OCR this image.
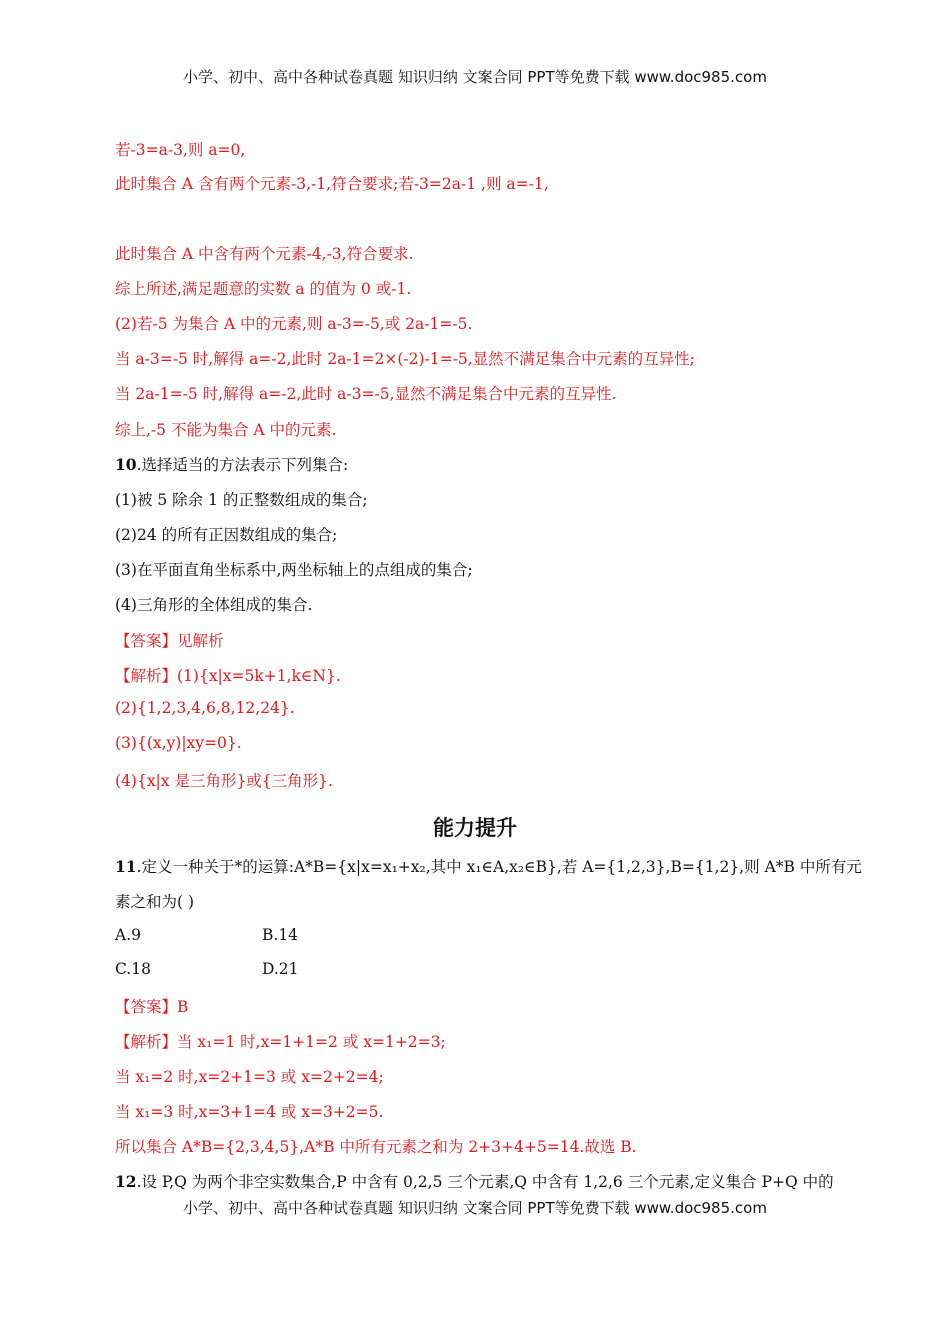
小学、初中、高中各种试卷真题 知识归纳 文案合同 PPT等免费下载 www.doc985.com
若-3=a-3,则 a=0,
此时集合 A 含有两个元素-3,-1,符合要求;若-3=2a-1 ,则 a=-1,
此时集合 A 中含有两个元素-4,-3,符合要求.
综上所述,满足题意的实数 a 的值为 0 或-1.
(2)若-5 为集合 A 中的元素,则 a-3=-5,或 2a-1=-5.
当 a-3=-5 时,解得 a=-2,此时 2a-1=2×(-2)-1=-5,显然不满足集合中元素的互异性;
当 2a-1=-5 时,解得 a=-2,此时 a-3=-5,显然不满足集合中元素的互异性.
综上,-5 不能为集合 A 中的元素.
10.选择适当的方法表示下列集合:
(1)被 5 除余 1 的正整数组成的集合;
(2)24 的所有正因数组成的集合;
(3)在平面直角坐标系中,两坐标轴上的点组成的集合;
(4)三角形的全体组成的集合.
【答案】见解析
【解析】(1){x|x=5k+1,k∈N}.
(2){1,2,3,4,6,8,12,24}.
(3){(x,y)|xy=0}.
(4){x|x 是三角形}或{三角形}.
能力提升
11.定义一种关于*的运算:A*B={x|x=x₁+x₂,其中 x₁∈A,x₂∈B},若 A={1,2,3},B={1,2},则 A*B 中所有元
素之和为( )
A.9	B.14
C.18	D.21
【答案】B
【解析】当 x₁=1 时,x=1+1=2 或 x=1+2=3;
当 x₁=2 时,x=2+1=3 或 x=2+2=4;
当 x₁=3 时,x=3+1=4 或 x=3+2=5.
所以集合 A*B={2,3,4,5},A*B 中所有元素之和为 2+3+4+5=14.故选 B.
12.设 P,Q 为两个非空实数集合,P 中含有 0,2,5 三个元素,Q 中含有 1,2,6 三个元素,定义集合 P+Q 中的
小学、初中、高中各种试卷真题 知识归纳 文案合同 PPT等免费下载 www.doc985.com
